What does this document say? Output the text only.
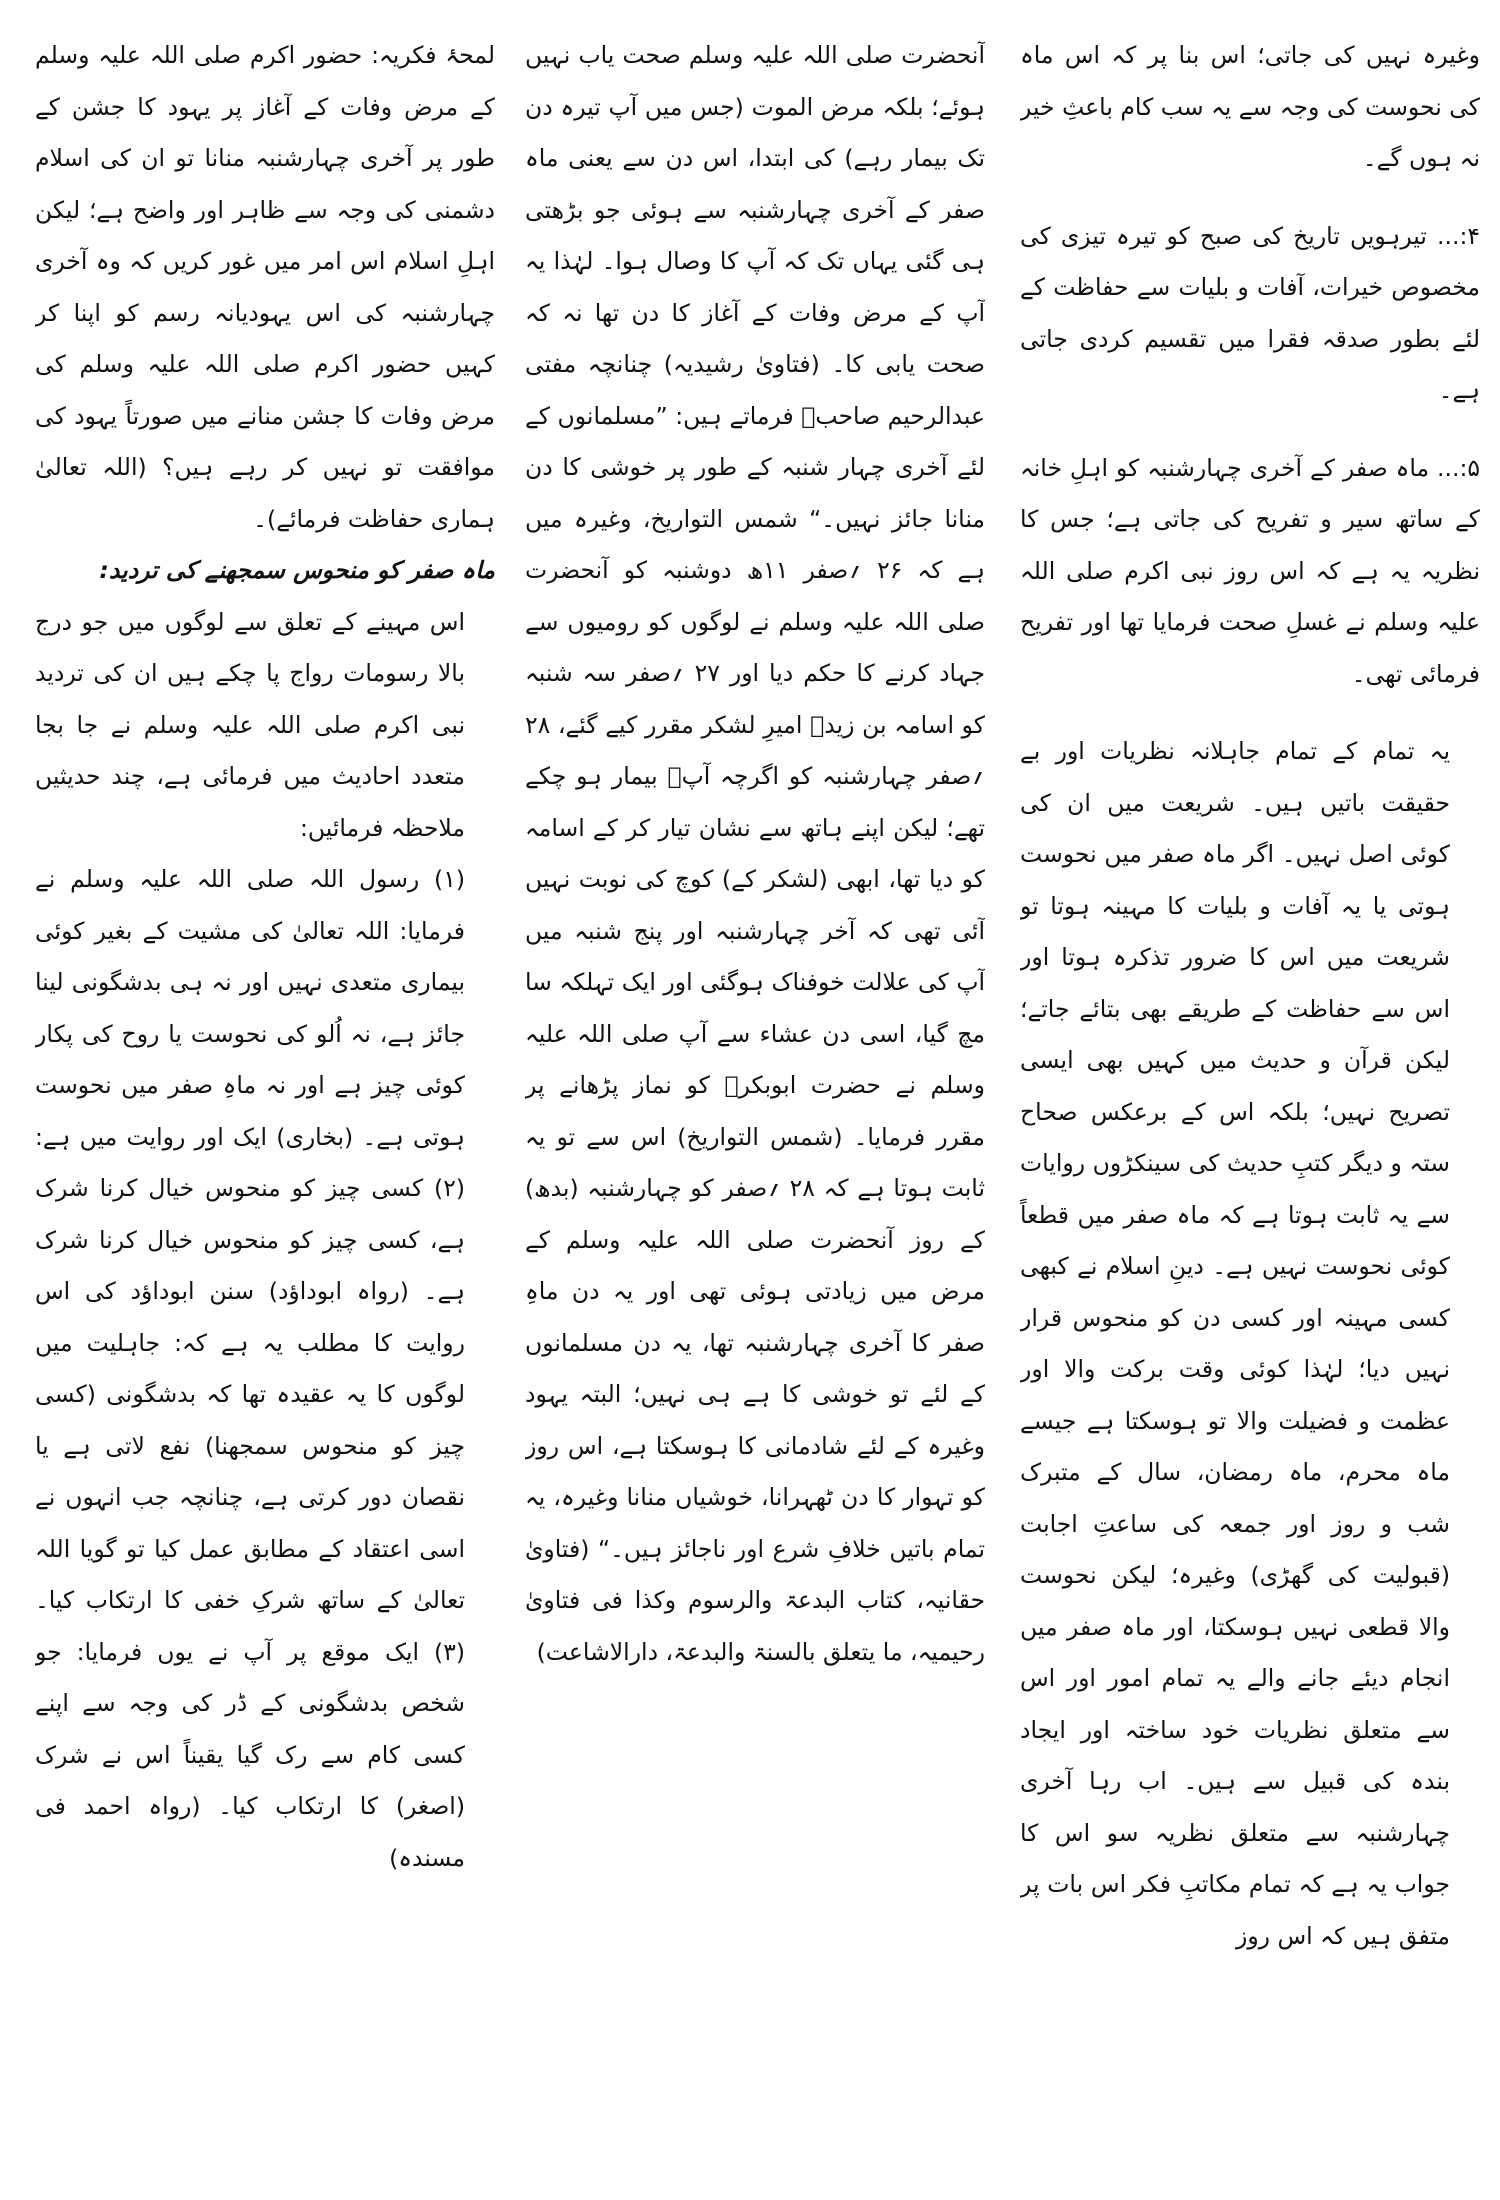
وغیرہ نہیں کی جاتی؛ اس بنا پر کہ اس ماہ کی نحوست کی وجہ سے یہ سب کام باعثِ خیر نہ ہوں گے۔

۴:... تیرہویں تاریخ کی صبح کو تیرہ تیزی کی مخصوص خیرات، آفات و بلیات سے حفاظت کے لئے بطور صدقہ فقرا میں تقسیم کردی جاتی ہے۔

۵:... ماہ صفر کے آخری چہارشنبہ کو اہلِ خانہ کے ساتھ سیر و تفریح کی جاتی ہے؛ جس کا نظریہ یہ ہے کہ اس روز نبی اکرم صلی اللہ علیہ وسلم نے غسلِ صحت فرمایا تھا اور تفریح فرمائی تھی۔

یہ تمام کے تمام جاہلانہ نظریات اور بے حقیقت باتیں ہیں۔ شریعت میں ان کی کوئی اصل نہیں۔ اگر ماہ صفر میں نحوست ہوتی یا یہ آفات و بلیات کا مہینہ ہوتا تو شریعت میں اس کا ضرور تذکرہ ہوتا اور اس سے حفاظت کے طریقے بھی بتائے جاتے؛ لیکن قرآن و حدیث میں کہیں بھی ایسی تصریح نہیں؛ بلکہ اس کے برعکس صحاح ستہ و دیگر کتبِ حدیث کی سینکڑوں روایات سے یہ ثابت ہوتا ہے کہ ماہ صفر میں قطعاً کوئی نحوست نہیں ہے۔ دینِ اسلام نے کبھی کسی مہینہ اور کسی دن کو منحوس قرار نہیں دیا؛ لہٰذا کوئی وقت برکت والا اور عظمت و فضیلت والا تو ہوسکتا ہے جیسے ماہ محرم، ماہ رمضان، سال کے متبرک شب و روز اور جمعہ کی ساعتِ اجابت (قبولیت کی گھڑی) وغیرہ؛ لیکن نحوست والا قطعی نہیں ہوسکتا، اور ماہ صفر میں انجام دیئے جانے والے یہ تمام امور اور اس سے متعلق نظریات خود ساختہ اور ایجاد بندہ کی قبیل سے ہیں۔ اب رہا آخری چہارشنبہ سے متعلق نظریہ سو اس کا جواب یہ ہے کہ تمام مکاتبِ فکر اس بات پر متفق ہیں کہ اس روز

آنحضرت صلی اللہ علیہ وسلم صحت یاب نہیں ہوئے؛ بلکہ مرض الموت (جس میں آپ تیرہ دن تک بیمار رہے) کی ابتدا، اس دن سے یعنی ماہ صفر کے آخری چہارشنبہ سے ہوئی جو بڑھتی ہی گئی یہاں تک کہ آپ کا وصال ہوا۔ لہٰذا یہ آپ کے مرض وفات کے آغاز کا دن تھا نہ کہ صحت یابی کا۔ (فتاویٰ رشیدیہ) چنانچہ مفتی عبدالرحیم صاحبؒ فرماتے ہیں: ”مسلمانوں کے لئے آخری چہار شنبہ کے طور پر خوشی کا دن منانا جائز نہیں۔“ شمس التواریخ، وغیرہ میں ہے کہ ۲۶ ؍صفر ۱۱ھ دوشنبہ کو آنحضرت صلی اللہ علیہ وسلم نے لوگوں کو رومیوں سے جہاد کرنے کا حکم دیا اور ۲۷ ؍صفر سہ شنبہ کو اسامہ بن زیدؓ امیرِ لشکر مقرر کیے گئے، ۲۸ ؍صفر چہارشنبہ کو اگرچہ آپؐ بیمار ہو چکے تھے؛ لیکن اپنے ہاتھ سے نشان تیار کر کے اسامہ کو دیا تھا، ابھی (لشکر کے) کوچ کی نوبت نہیں آئی تھی کہ آخر چہارشنبہ اور پنج شنبہ میں آپ کی علالت خوفناک ہوگئی اور ایک تہلکہ سا مچ گیا، اسی دن عشاء سے آپ صلی اللہ علیہ وسلم نے حضرت ابوبکرؓ کو نماز پڑھانے پر مقرر فرمایا۔ (شمس التواریخ) اس سے تو یہ ثابت ہوتا ہے کہ ۲۸ ؍صفر کو چہارشنبہ (بدھ) کے روز آنحضرت صلی اللہ علیہ وسلم کے مرض میں زیادتی ہوئی تھی اور یہ دن ماہِ صفر کا آخری چہارشنبہ تھا، یہ دن مسلمانوں کے لئے تو خوشی کا ہے ہی نہیں؛ البتہ یہود وغیرہ کے لئے شادمانی کا ہوسکتا ہے، اس روز کو تہوار کا دن ٹھہرانا، خوشیاں منانا وغیرہ، یہ تمام باتیں خلافِ شرع اور ناجائز ہیں۔“ (فتاویٰ حقانیہ، کتاب البدعۃ والرسوم وکذا فی فتاویٰ رحیمیہ، ما یتعلق بالسنۃ والبدعۃ، دارالاشاعت)

لمحۂ فکریہ: حضور اکرم صلی اللہ علیہ وسلم کے مرض وفات کے آغاز پر یہود کا جشن کے طور پر آخری چہارشنبہ منانا تو ان کی اسلام دشمنی کی وجہ سے ظاہر اور واضح ہے؛ لیکن اہلِ اسلام اس امر میں غور کریں کہ وہ آخری چہارشنبہ کی اس یہودیانہ رسم کو اپنا کر کہیں حضور اکرم صلی اللہ علیہ وسلم کی مرض وفات کا جشن منانے میں صورتاً یہود کی موافقت تو نہیں کر رہے ہیں؟ (اللہ تعالیٰ ہماری حفاظت فرمائے)۔

ماہ صفر کو منحوس سمجھنے کی تردید:

اس مہینے کے تعلق سے لوگوں میں جو درج بالا رسومات رواج پا چکے ہیں ان کی تردید نبی اکرم صلی اللہ علیہ وسلم نے جا بجا متعدد احادیث میں فرمائی ہے، چند حدیثیں ملاحظہ فرمائیں:

(۱) رسول اللہ صلی اللہ علیہ وسلم نے فرمایا: اللہ تعالیٰ کی مشیت کے بغیر کوئی بیماری متعدی نہیں اور نہ ہی بدشگونی لینا جائز ہے، نہ اُلو کی نحوست یا روح کی پکار کوئی چیز ہے اور نہ ماہِ صفر میں نحوست ہوتی ہے۔ (بخاری) ایک اور روایت میں ہے: (۲) کسی چیز کو منحوس خیال کرنا شرک ہے، کسی چیز کو منحوس خیال کرنا شرک ہے۔ (رواہ ابوداؤد) سنن ابوداؤد کی اس روایت کا مطلب یہ ہے کہ: جاہلیت میں لوگوں کا یہ عقیدہ تھا کہ بدشگونی (کسی چیز کو منحوس سمجھنا) نفع لاتی ہے یا نقصان دور کرتی ہے، چنانچہ جب انہوں نے اسی اعتقاد کے مطابق عمل کیا تو گویا اللہ تعالیٰ کے ساتھ شرکِ خفی کا ارتکاب کیا۔ (۳) ایک موقع پر آپ نے یوں فرمایا: جو شخص بدشگونی کے ڈر کی وجہ سے اپنے کسی کام سے رک گیا یقیناً اس نے شرک (اصغر) کا ارتکاب کیا۔ (رواہ احمد فی مسندہ)
